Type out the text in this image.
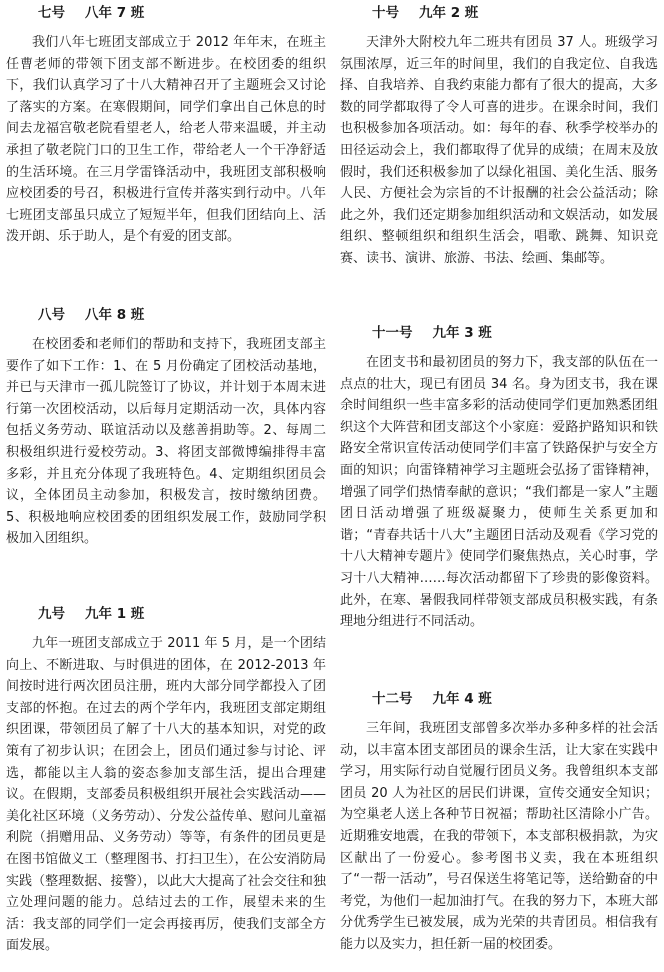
七号 八年 7 班
我们八年七班团支部成立于 2012 年年末，在班主任曹老师的带领下团支部不断进步。在校团委的组织下，我们认真学习了十八大精神召开了主题班会又讨论了落实的方案。在寒假期间，同学们拿出自己休息的时间去龙福宫敬老院看望老人，给老人带来温暖，并主动承担了敬老院门口的卫生工作，带给老人一个干净舒适的生活环境。在三月学雷锋活动中，我班团支部积极响应校团委的号召，积极进行宣传并落实到行动中。八年七班团支部虽只成立了短短半年，但我们团结向上、活泼开朗、乐于助人，是个有爱的团支部。
八号 八年 8 班
在校团委和老师们的帮助和支持下，我班团支部主要作了如下工作：1、在 5 月份确定了团校活动基地，并已与天津市一孤儿院签订了协议，并计划于本周末进行第一次团校活动，以后每月定期活动一次，具体内容包括义务劳动、联谊活动以及慈善捐助等。2、每周二积极组织进行爱校劳动。3、将团支部微博编排得丰富多彩，并且充分体现了我班特色。4、定期组织团员会议，全体团员主动参加，积极发言，按时缴纳团费。5、积极地响应校团委的团组织发展工作，鼓励同学积极加入团组织。
九号 九年 1 班
九年一班团支部成立于 2011 年 5 月，是一个团结向上、不断进取、与时俱进的团体，在 2012-2013 年间按时进行两次团员注册，班内大部分同学都投入了团支部的怀抱。在过去的两个学年内，我班团支部定期组织团课，带领团员了解了十八大的基本知识，对党的政策有了初步认识；在团会上，团员们通过参与讨论、评选，都能以主人翁的姿态参加支部生活，提出合理建议。在假期，支部委员积极组织开展社会实践活动——美化社区环境（义务劳动）、分发公益传单、慰问儿童福利院（捐赠用品、义务劳动）等等，有条件的团员更是在图书馆做义工（整理图书、打扫卫生），在公安消防局实践（整理数据、接警），以此大大提高了社会交往和独立处理问题的能力。总结过去的工作，展望未来的生活：我支部的同学们一定会再接再厉，使我们支部全方面发展。
十号 九年 2 班
天津外大附校九年二班共有团员 37 人。班级学习氛围浓厚，近三年的时间里，我们的自我定位、自我选择、自我培养、自我约束能力都有了很大的提高，大多数的同学都取得了令人可喜的进步。在课余时间，我们也积极参加各项活动。如：每年的春、秋季学校举办的田径运动会上，我们都取得了优异的成绩；在周末及放假时，我们还积极参加了以绿化祖国、美化生活、服务人民、方便社会为宗旨的不计报酬的社会公益活动；除此之外，我们还定期参加组织活动和文娱活动，如发展组织、整顿组织和组织生活会，唱歌、跳舞、知识竞赛、读书、演讲、旅游、书法、绘画、集邮等。
十一号 九年 3 班
在团支书和最初团员的努力下，我支部的队伍在一点点的壮大，现已有团员 34 名。身为团支书，我在课余时间组织一些丰富多彩的活动使同学们更加熟悉团组织这个大阵营和团支部这个小家庭：爱路护路知识和铁路安全常识宣传活动使同学们丰富了铁路保护与安全方面的知识；向雷锋精神学习主题班会弘扬了雷锋精神，增强了同学们热情奉献的意识；“我们都是一家人”主题团日活动增强了班级凝聚力，使师生关系更加和谐；“青春共话十八大”主题团日活动及观看《学习党的十八大精神专题片》使同学们聚焦热点，关心时事，学习十八大精神……每次活动都留下了珍贵的影像资料。此外，在寒、暑假我同样带领支部成员积极实践，有条理地分组进行不同活动。
十二号 九年 4 班
三年间，我班团支部曾多次举办多种多样的社会活动，以丰富本团支部团员的课余生活，让大家在实践中学习，用实际行动自觉履行团员义务。我曾组织本支部团员 20 人为社区的居民们讲课，宣传交通安全知识；为空巢老人送上各种节日祝福；帮助社区清除小广告。近期雅安地震，在我的带领下，本支部积极捐款，为灾区献出了一份爱心。参考图书义卖，我在本班组织了“一帮一活动”，号召保送生将笔记等，送给勤奋的中考党，为他们一起加油打气。在我的努力下，本班大部分优秀学生已被发展，成为光荣的共青团员。相信我有能力以及实力，担任新一届的校团委。
